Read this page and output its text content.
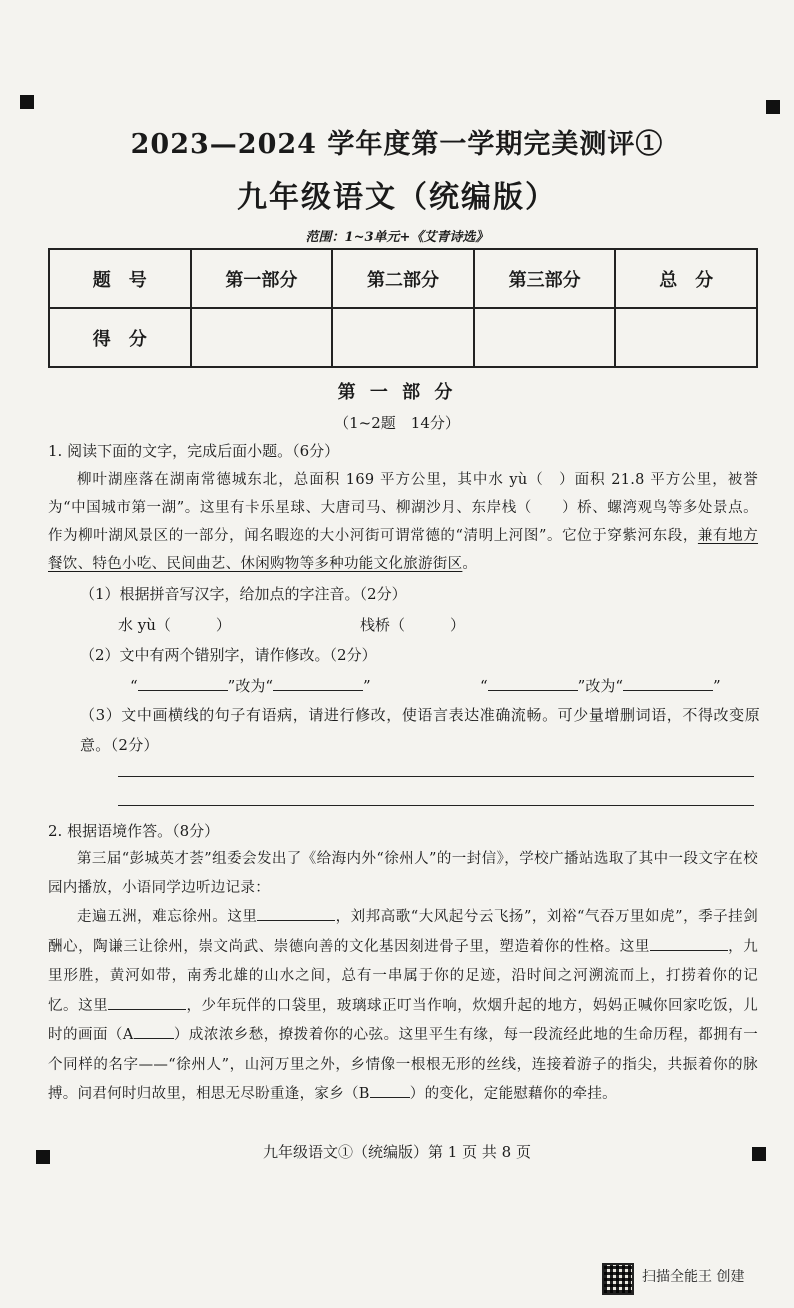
2023—2024 学年度第一学期完美测评①
九年级语文（统编版）
范围：1~3单元+《艾青诗选》
题　号	第一部分	第二部分	第三部分	总　分
得　分				
第 一 部 分
（1~2题　14分）
1. 阅读下面的文字，完成后面小题。（6分）
柳叶湖座落在湖南常德城东北，总面积 169 平方公里，其中水 yù（　）面积 21.8 平方公里，被誉为“中国城市第一湖”。这里有卡乐星球、大唐司马、柳湖沙月、东岸栈（　　）桥、螺湾观鸟等多处景点。作为柳叶湖风景区的一部分，闻名暇迩的大小河街可谓常德的“清明上河图”。它位于穿紫河东段，兼有地方餐饮、特色小吃、民间曲艺、休闲购物等多种功能文化旅游街区。
（1）根据拼音写汉字，给加点的字注音。（2分）
水 yù（　　　）	栈桥（　　　）
（2）文中有两个错别字，请作修改。（2分）
“	”改为“	”	“	”改为“	”
（3）文中画横线的句子有语病，请进行修改，使语言表达准确流畅。可少量增删词语，不得改变原意。（2分）
2. 根据语境作答。（8分）
第三届“彭城英才荟”组委会发出了《给海内外“徐州人”的一封信》，学校广播站选取了其中一段文字在校园内播放，小语同学边听边记录：
走遍五洲，难忘徐州。这里	，刘邦高歌“大风起兮云飞扬”，刘裕“气吞万里如虎”，季子挂剑酬心，陶谦三让徐州，崇文尚武、崇德向善的文化基因刻进骨子里，塑造着你的性格。这里	，九里形胜，黄河如带，南秀北雄的山水之间，总有一串属于你的足迹，沿时间之河溯流而上，打捞着你的记忆。这里	，少年玩伴的口袋里，玻璃球正叮当作响，炊烟升起的地方，妈妈正喊你回家吃饭，儿时的画面（A	）成浓浓乡愁，撩拨着你的心弦。这里平生有缘，每一段流经此地的生命历程，都拥有一个同样的名字——“徐州人”，山河万里之外，乡情像一根根无形的丝线，连接着游子的指尖，共振着你的脉搏。问君何时归故里，相思无尽盼重逢，家乡（B	）的变化，定能慰藉你的牵挂。
九年级语文①（统编版）第 1 页 共 8 页
扫描全能王 创建
